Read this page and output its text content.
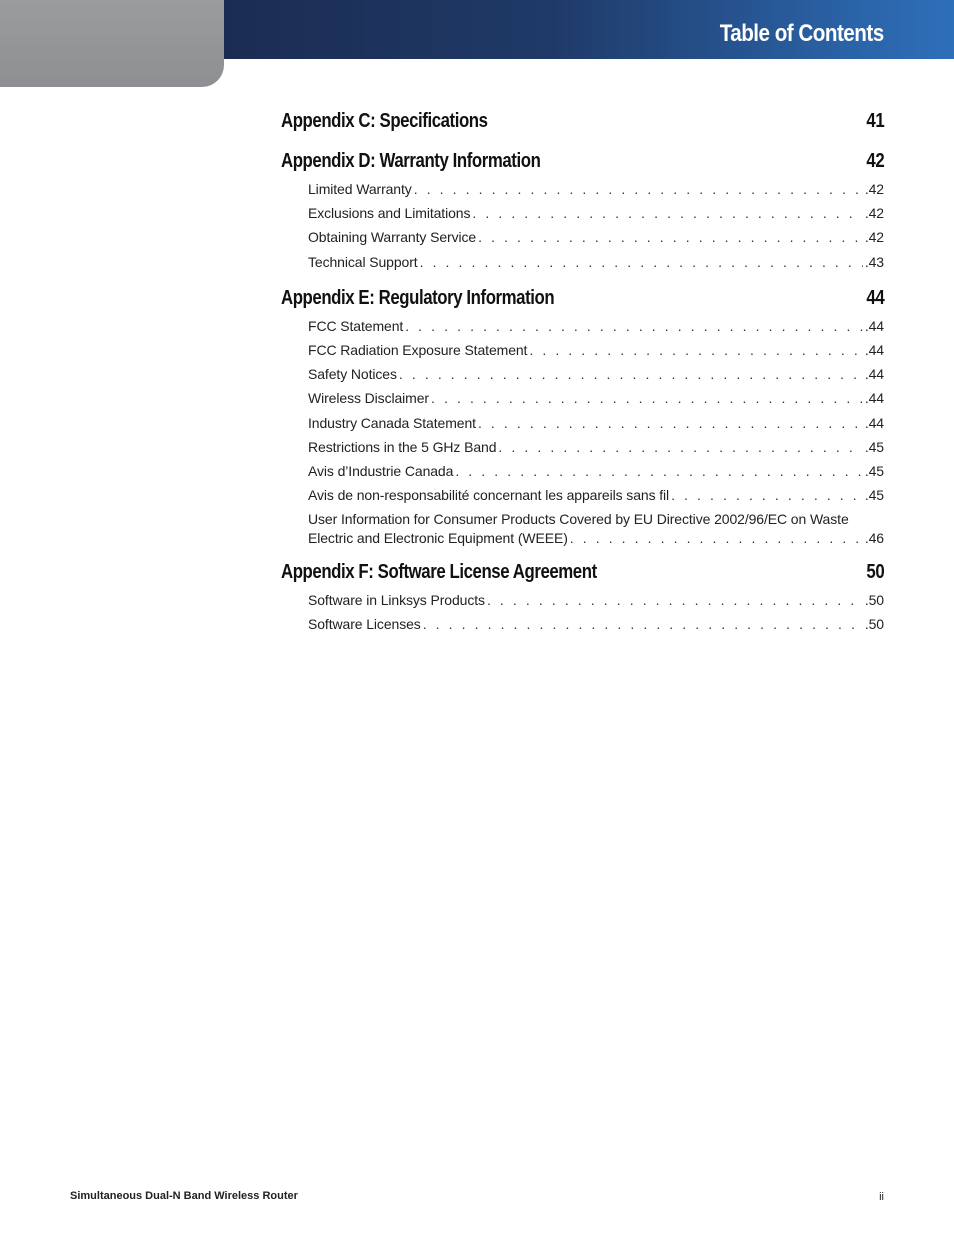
Table of Contents
Appendix C: Specifications	41
Appendix D: Warranty Information	42
Limited Warranty . . .	.42
Exclusions and Limitations . . .	.42
Obtaining Warranty Service . . .	.42
Technical Support . . .	.43
Appendix E: Regulatory Information	44
FCC Statement . . .	.44
FCC Radiation Exposure Statement . . .	.44
Safety Notices . . .	.44
Wireless Disclaimer . . .	.44
Industry Canada Statement . . .	.44
Restrictions in the 5 GHz Band . . .	.45
Avis d’Industrie Canada . . .	.45
Avis de non-responsabilité concernant les appareils sans fil . . .	.45
User Information for Consumer Products Covered by EU Directive 2002/96/EC on Waste
Electric and Electronic Equipment (WEEE) . . .	.46
Appendix F: Software License Agreement	50
Software in Linksys Products . . .	.50
Software Licenses . . .	.50
Simultaneous Dual-N Band Wireless Router	ii
